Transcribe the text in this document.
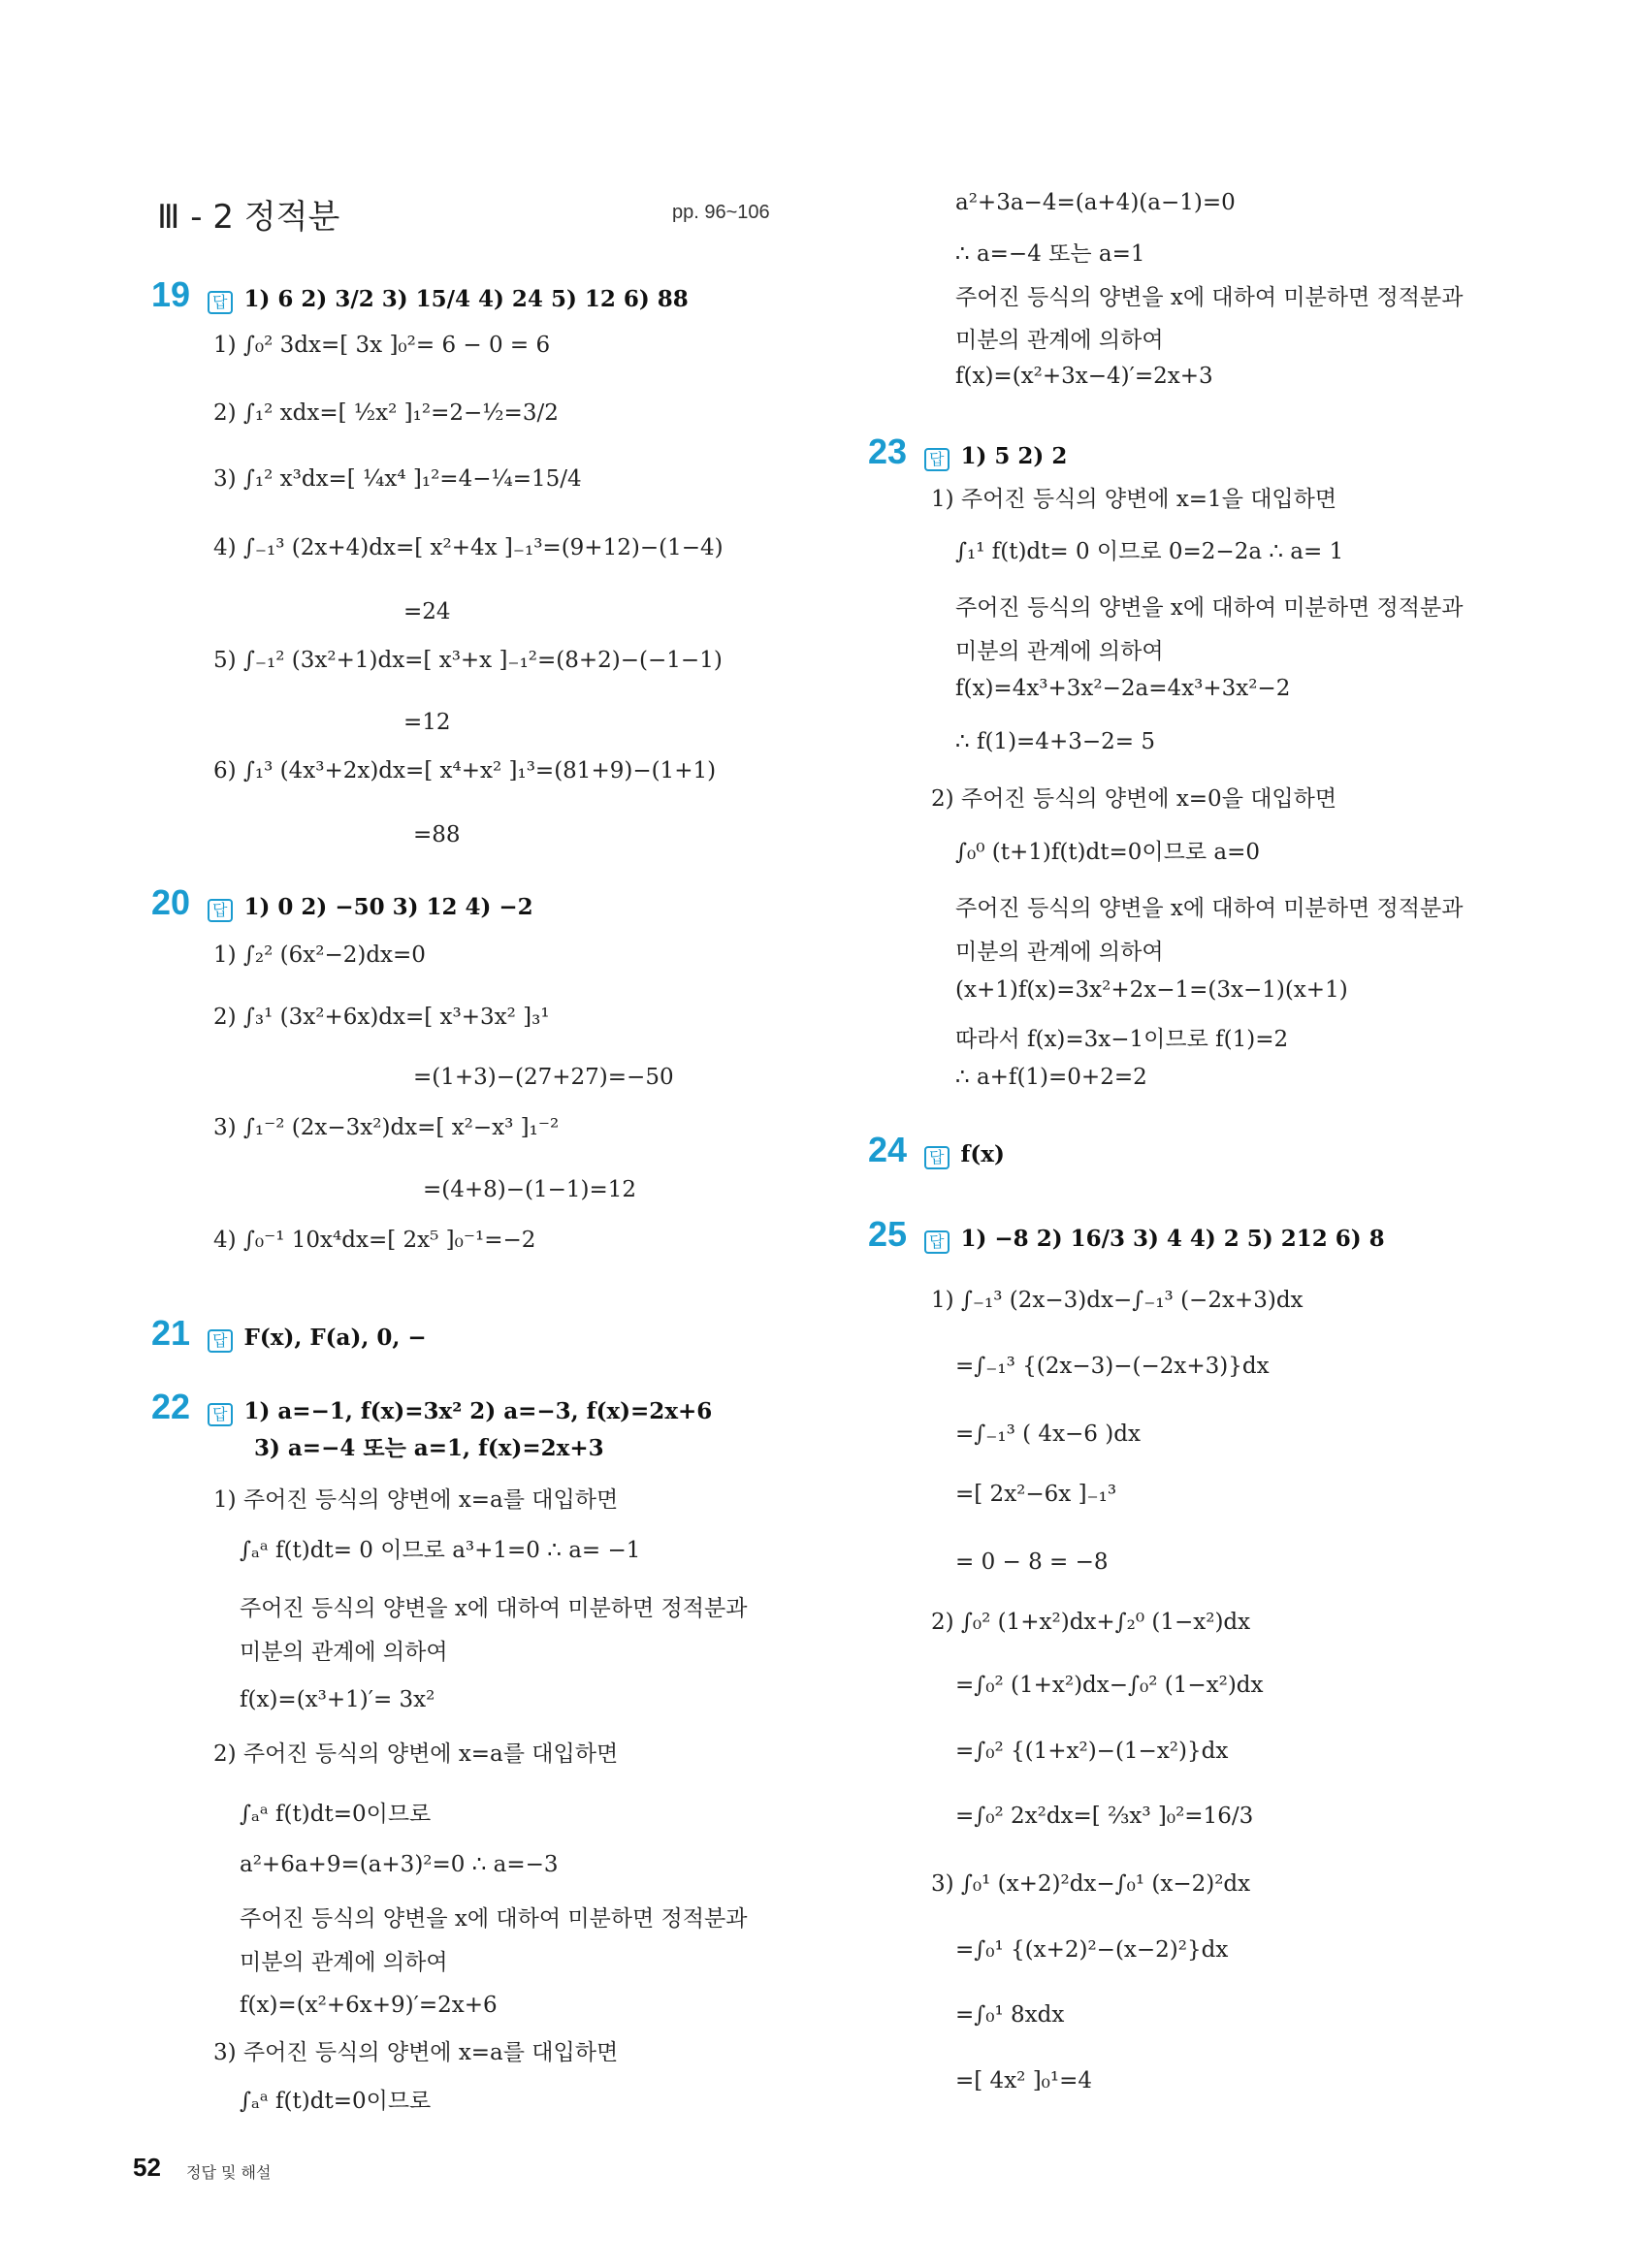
Ⅲ - 2 정적분	pp. 96~106
19 답 1) 6 2) 3/2 3) 15/4 4) 24 5) 12 6) 88
1) ∫₀² 3dx=[ 3x ]₀²= 6 − 0 = 6
2) ∫₁² xdx=[ ½x² ]₁²=2−½=3/2
3) ∫₁² x³dx=[ ¼x⁴ ]₁²=4−¼=15/4
4) ∫₋₁³ (2x+4)dx=[ x²+4x ]₋₁³=(9+12)−(1−4)
=24
5) ∫₋₁² (3x²+1)dx=[ x³+x ]₋₁²=(8+2)−(−1−1)
=12
6) ∫₁³ (4x³+2x)dx=[ x⁴+x² ]₁³=(81+9)−(1+1)
=88
20 답 1) 0 2) −50 3) 12 4) −2
1) ∫₂² (6x²−2)dx=0
2) ∫₃¹ (3x²+6x)dx=[ x³+3x² ]₃¹
=(1+3)−(27+27)=−50
3) ∫₁⁻² (2x−3x²)dx=[ x²−x³ ]₁⁻²
=(4+8)−(1−1)=12
4) ∫₀⁻¹ 10x⁴dx=[ 2x⁵ ]₀⁻¹=−2
21 답 F(x), F(a), 0, −
22 답 1) a=−1, f(x)=3x² 2) a=−3, f(x)=2x+6
3) a=−4 또는 a=1, f(x)=2x+3
1) 주어진 등식의 양변에 x=a를 대입하면
∫ₐᵃ f(t)dt= 0 이므로 a³+1=0 ∴ a= −1
주어진 등식의 양변을 x에 대하여 미분하면 정적분과
미분의 관계에 의하여
f(x)=(x³+1)′= 3x²
2) 주어진 등식의 양변에 x=a를 대입하면
∫ₐᵃ f(t)dt=0이므로
a²+6a+9=(a+3)²=0 ∴ a=−3
주어진 등식의 양변을 x에 대하여 미분하면 정적분과
미분의 관계에 의하여
f(x)=(x²+6x+9)′=2x+6
3) 주어진 등식의 양변에 x=a를 대입하면
∫ₐᵃ f(t)dt=0이므로
a²+3a−4=(a+4)(a−1)=0
∴ a=−4 또는 a=1
주어진 등식의 양변을 x에 대하여 미분하면 정적분과
미분의 관계에 의하여
f(x)=(x²+3x−4)′=2x+3
23 답 1) 5 2) 2
1) 주어진 등식의 양변에 x=1을 대입하면
∫₁¹ f(t)dt= 0 이므로 0=2−2a ∴ a= 1
주어진 등식의 양변을 x에 대하여 미분하면 정적분과
미분의 관계에 의하여
f(x)=4x³+3x²−2a=4x³+3x²−2
∴ f(1)=4+3−2= 5
2) 주어진 등식의 양변에 x=0을 대입하면
∫₀⁰ (t+1)f(t)dt=0이므로 a=0
주어진 등식의 양변을 x에 대하여 미분하면 정적분과
미분의 관계에 의하여
(x+1)f(x)=3x²+2x−1=(3x−1)(x+1)
따라서 f(x)=3x−1이므로 f(1)=2
∴ a+f(1)=0+2=2
24 답 f(x)
25 답 1) −8 2) 16/3 3) 4 4) 2 5) 212 6) 8
1) ∫₋₁³ (2x−3)dx−∫₋₁³ (−2x+3)dx
=∫₋₁³ {(2x−3)−(−2x+3)}dx
=∫₋₁³ ( 4x−6 )dx
=[ 2x²−6x ]₋₁³
= 0 − 8 = −8
2) ∫₀² (1+x²)dx+∫₂⁰ (1−x²)dx
=∫₀² (1+x²)dx−∫₀² (1−x²)dx
=∫₀² {(1+x²)−(1−x²)}dx
=∫₀² 2x²dx=[ ⅔x³ ]₀²=16/3
3) ∫₀¹ (x+2)²dx−∫₀¹ (x−2)²dx
=∫₀¹ {(x+2)²−(x−2)²}dx
=∫₀¹ 8xdx
=[ 4x² ]₀¹=4
52 정답 및 해설
